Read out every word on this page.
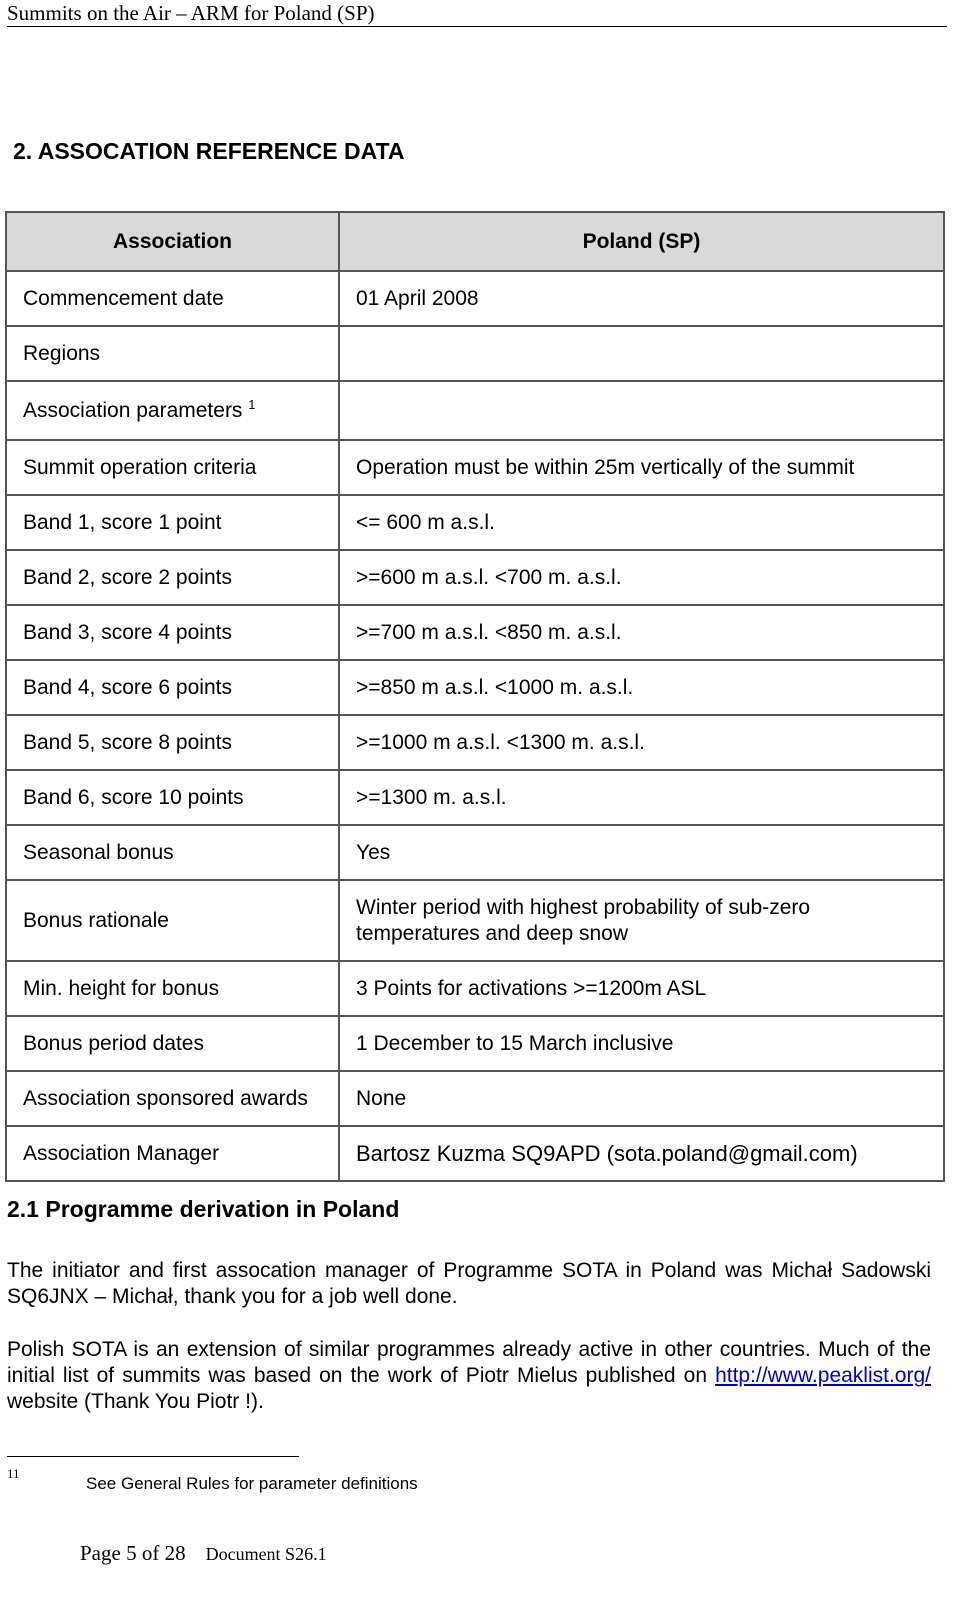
Summits on the Air – ARM for Poland (SP)
2. ASSOCATION REFERENCE DATA
Association	Poland (SP)
Commencement date	01 April 2008
Regions	
Association parameters $^1$	
Summit operation criteria	Operation must be within 25m vertically of the summit
Band 1, score 1 point	<= 600 m a.s.l.
Band 2, score 2 points	>=600 m a.s.l. <700 m. a.s.l.
Band 3, score 4 points	>=700 m a.s.l. <850 m. a.s.l.
Band 4, score 6 points	>=850 m a.s.l. <1000 m. a.s.l.
Band 5, score 8 points	>=1000 m a.s.l. <1300 m. a.s.l.
Band 6, score 10 points	>=1300 m. a.s.l.
Seasonal bonus	Yes
Bonus rationale	Winter period with highest probability of sub-zero temperatures and deep snow
Min. height for bonus	3 Points for activations >=1200m ASL
Bonus period dates	1 December to 15 March inclusive
Association sponsored awards	None
Association Manager	Bartosz Kuzma SQ9APD (sota.poland@gmail.com)
2.1 Programme derivation in Poland
The initiator and first assocation manager of Programme SOTA in Poland was Michał Sadowski SQ6JNX – Michał, thank you for a job well done.
Polish SOTA is an extension of similar programmes already active in other countries. Much of the initial list of summits was based on the work of Piotr Mielus published on http://www.peaklist.org/ website (Thank You Piotr !).
11
See General Rules for parameter definitions
Page 5 of 28 Document S26.1
